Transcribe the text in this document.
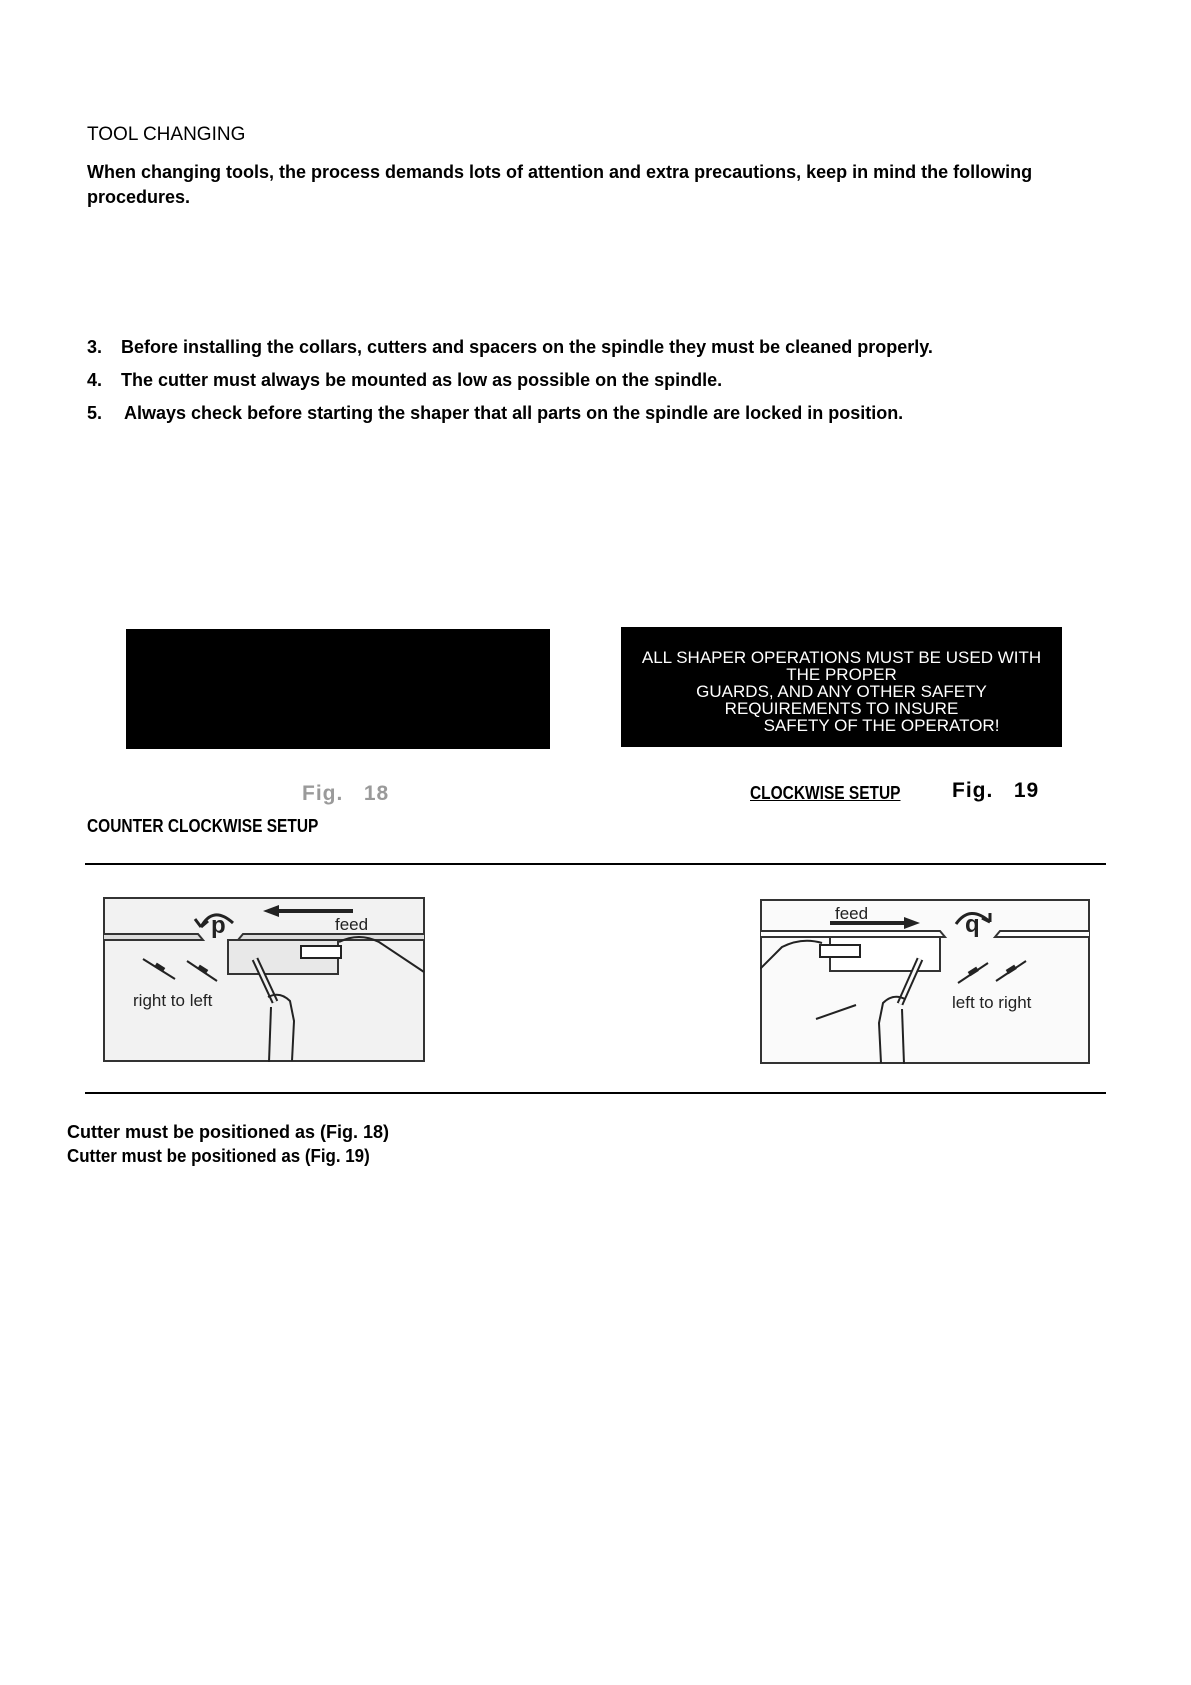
TOOL CHANGING
When changing tools, the process demands lots of attention and extra precautions, keep in mind the following procedures.
3. Before installing the collars, cutters and spacers on the spindle they must be cleaned properly.
4. The cutter must always be mounted as low as possible on the spindle.
5. Always check before starting the shaper that all parts on the spindle are locked in position.
ALL SHAPER OPERATIONS MUST BE USED WITH
THE PROPER
GUARDS, AND ANY OTHER SAFETY
REQUIREMENTS TO INSURE
SAFETY OF THE OPERATOR!
Fig. 18
COUNTER CLOCKWISE SETUP
CLOCKWISE SETUP Fig. 19
p	feed
right to left
feed	q
left to right
Cutter must be positioned as (Fig. 18)
Cutter must be positioned as (Fig. 19)
